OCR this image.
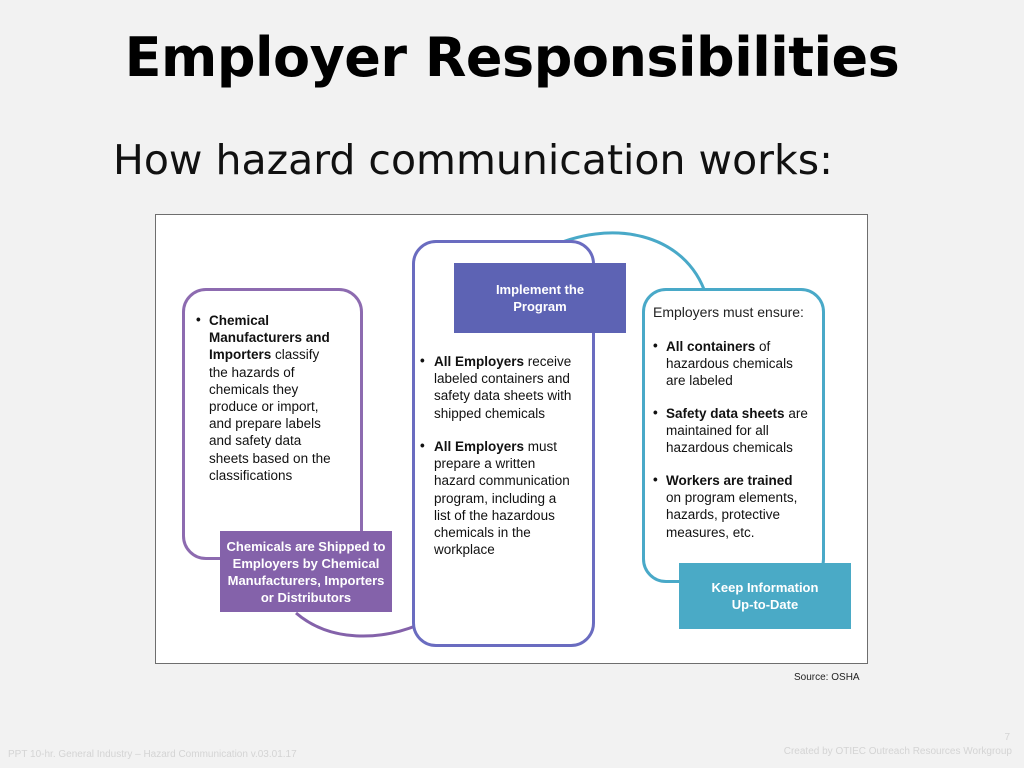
Employer Responsibilities
How hazard communication works:
• Chemical
Manufacturers and
Importers classify
the hazards of
chemicals they
produce or import,
and prepare labels
and safety data
sheets based on the
classifications
Chemicals are Shipped to
Employers by Chemical
Manufacturers, Importers
or Distributors
Implement the
Program
• All Employers receive
labeled containers and
safety data sheets with
shipped chemicals
• All Employers must
prepare a written
hazard communication
program, including a
list of the hazardous
chemicals in the
workplace
Employers must ensure:
• All containers of
hazardous chemicals
are labeled
• Safety data sheets are
maintained for all
hazardous chemicals
• Workers are trained
on program elements,
hazards, protective
measures, etc.
Keep Information
Up-to-Date
Source: OSHA
7
PPT 10-hr. General Industry – Hazard Communication v.03.01.17	Created by OTIEC Outreach Resources Workgroup
